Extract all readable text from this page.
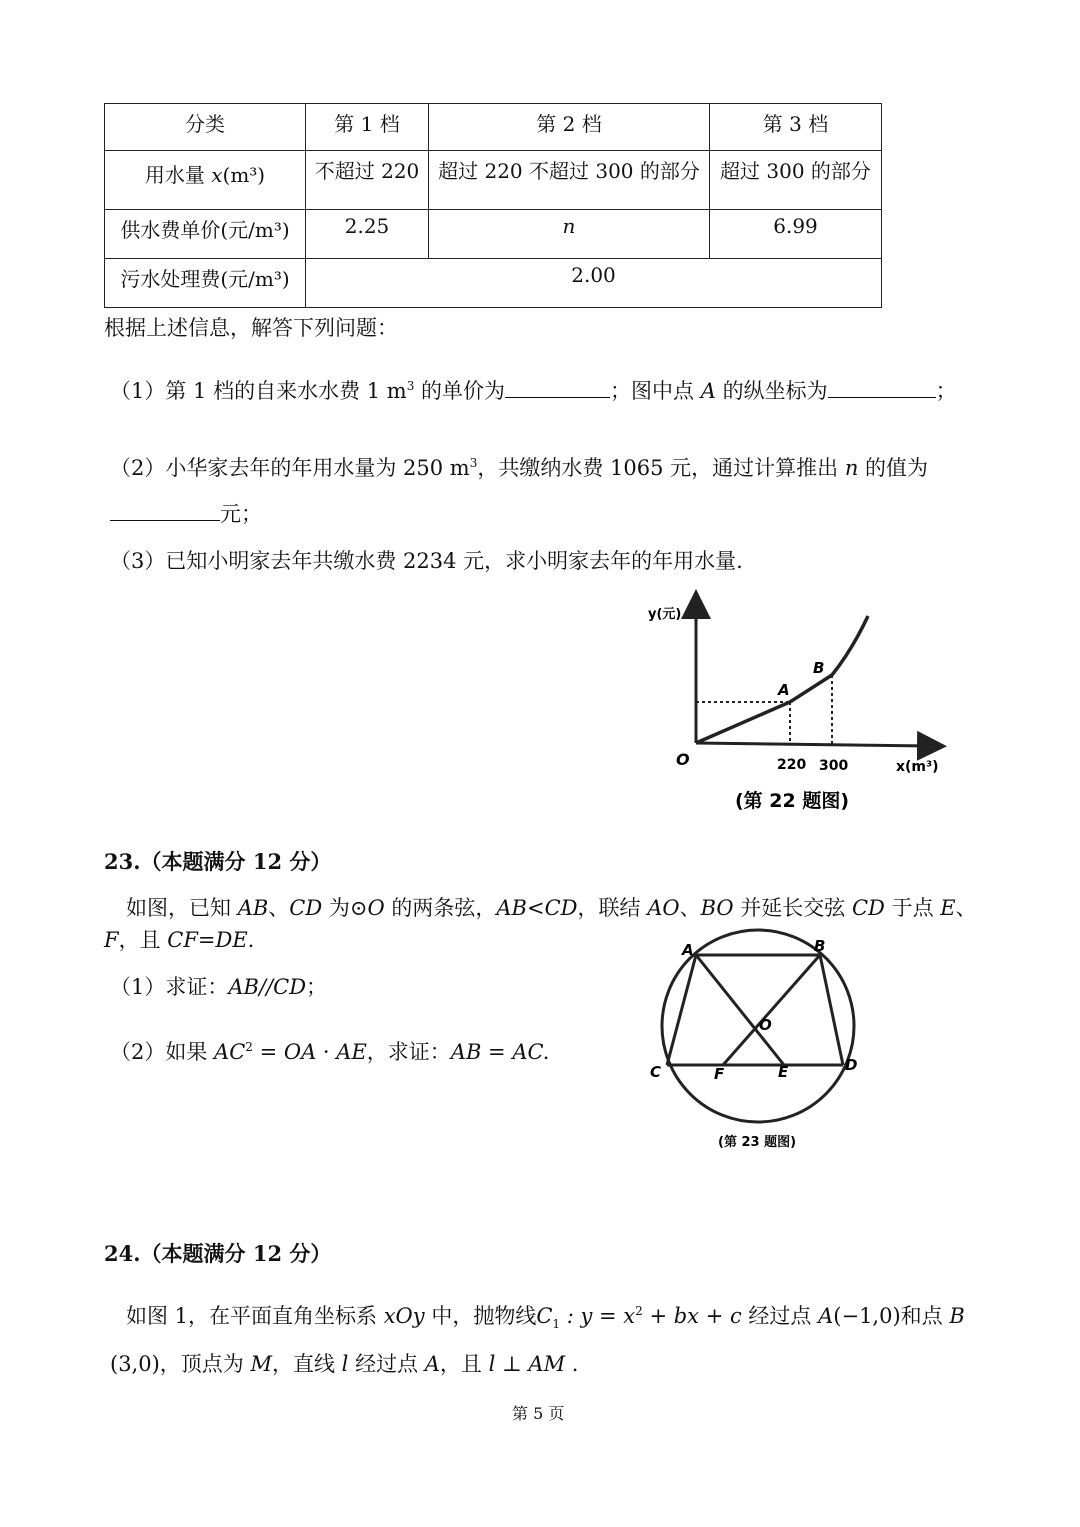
分类	第 1 档	第 2 档	第 3 档
用水量 x(m³)	不超过 220	超过 220 不超过 300 的部分	超过 300 的部分
供水费单价(元/m³)	2.25	n	6.99
污水处理费(元/m³)	2.00		
根据上述信息，解答下列问题：
（1）第 1 档的自来水水费 1 $m^3$ 的单价为	；图中点 A 的纵坐标为	；
（2）小华家去年的年用水量为 250 $m^3$，共缴纳水费 1065 元，通过计算推出 n 的值为
元；
（3）已知小明家去年共缴水费 2234 元，求小明家去年的年用水量.
y(元)
O
A
B
220 300	x(m³)
(第 22 题图)
23.（本题满分 12 分）
如图，已知 AB、CD 为⊙O 的两条弦，AB<CD，联结 AO、BO 并延长交弦 CD 于点 E、
F，且 CF=DE.
（1）求证：AB//CD；
（2）如果 $AC^2$ = OA · AE，求证：AB = AC.
A	B
C	D
E
F
O
(第 23 题图)
24.（本题满分 12 分）
如图 1，在平面直角坐标系 xOy 中，抛物线$C_1$ : $y = x^2$ + bx + c 经过点 A(−1,0)和点 B
(3,0)，顶点为 M，直线 l 经过点 A，且 l ⊥ AM .
第 5 页
